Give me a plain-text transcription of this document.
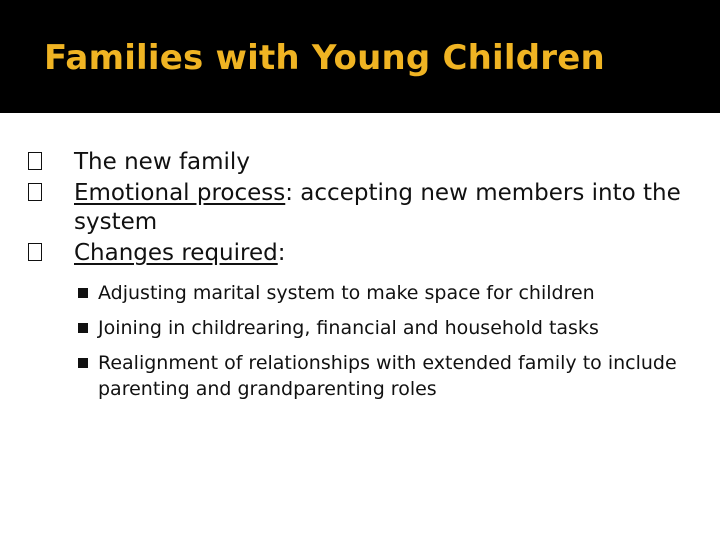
Families with Young Children
The new family
Emotional process: accepting new members into the system
Changes required:
Adjusting marital system to make space for children
Joining in childrearing, financial and household tasks
Realignment of relationships with extended family to include parenting and grandparenting roles
